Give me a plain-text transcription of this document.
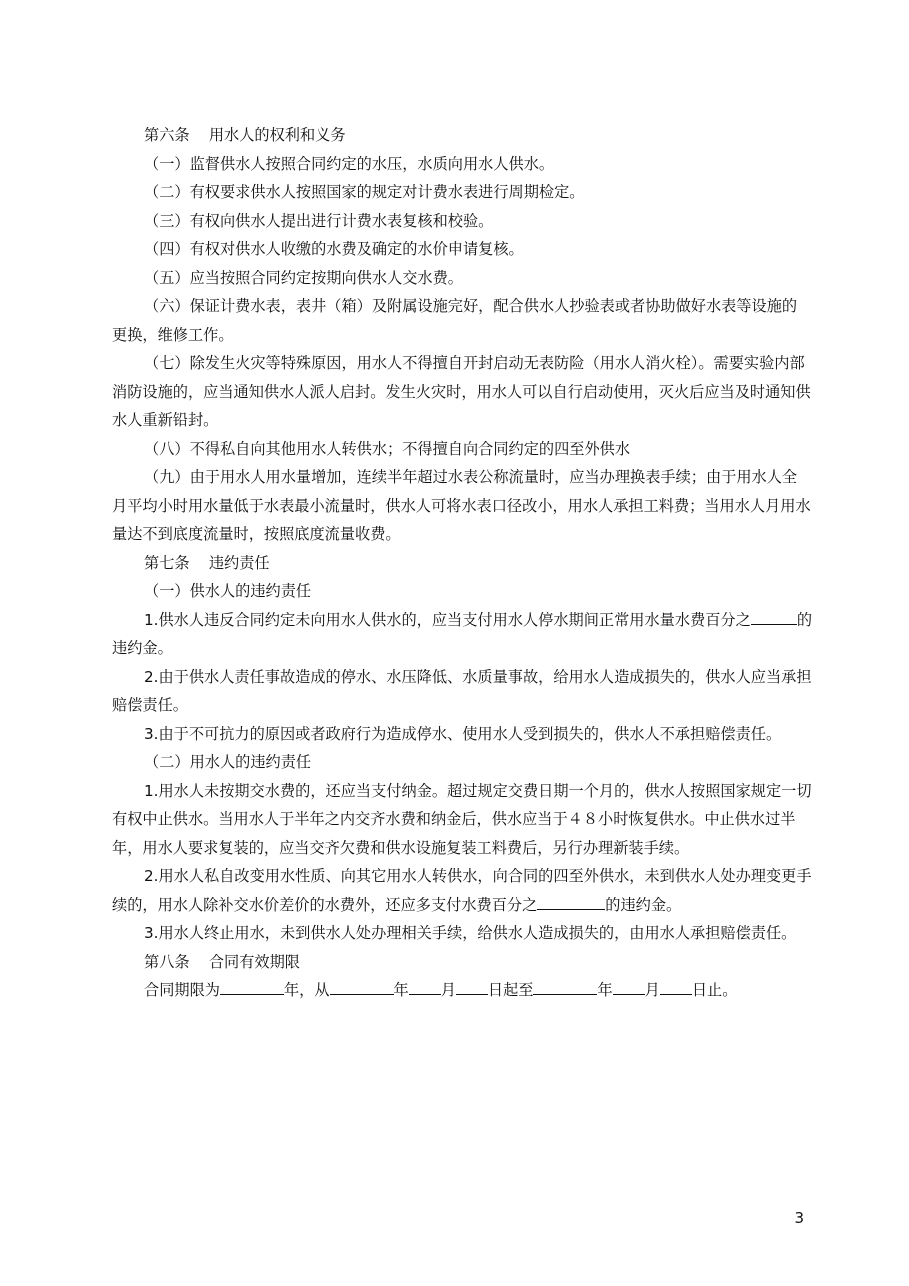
第六条    用水人的权利和义务

（一）监督供水人按照合同约定的水压，水质向用水人供水。

（二）有权要求供水人按照国家的规定对计费水表进行周期检定。

（三）有权向供水人提出进行计费水表复核和校验。

（四）有权对供水人收缴的水费及确定的水价申请复核。

（五）应当按照合同约定按期向供水人交水费。

（六）保证计费水表，表井（箱）及附属设施完好，配合供水人抄验表或者协助做好水表等设施的更换，维修工作。

（七）除发生火灾等特殊原因，用水人不得擅自开封启动无表防险（用水人消火栓）。需要实验内部消防设施的，应当通知供水人派人启封。发生火灾时，用水人可以自行启动使用，灭火后应当及时通知供水人重新铅封。

（八）不得私自向其他用水人转供水；不得擅自向合同约定的四至外供水

（九）由于用水人用水量增加，连续半年超过水表公称流量时，应当办理换表手续；由于用水人全月平均小时用水量低于水表最小流量时，供水人可将水表口径改小，用水人承担工料费；当用水人月用水量达不到底度流量时，按照底度流量收费。

第七条    违约责任

（一）供水人的违约责任

1.供水人违反合同约定未向用水人供水的，应当支付用水人停水期间正常用水量水费百分之	的违约金。

2.由于供水人责任事故造成的停水、水压降低、水质量事故，给用水人造成损失的，供水人应当承担赔偿责任。

3.由于不可抗力的原因或者政府行为造成停水、使用水人受到损失的，供水人不承担赔偿责任。

（二）用水人的违约责任

1.用水人未按期交水费的，还应当支付纳金。超过规定交费日期一个月的，供水人按照国家规定一切有权中止供水。当用水人于半年之内交齐水费和纳金后，供水应当于４８小时恢复供水。中止供水过半年，用水人要求复装的，应当交齐欠费和供水设施复装工料费后，另行办理新装手续。

2.用水人私自改变用水性质、向其它用水人转供水，向合同的四至外供水，未到供水人处办理变更手续的，用水人除补交水价差价的水费外，还应多支付水费百分之	的违约金。

3.用水人终止用水，未到供水人处办理相关手续，给供水人造成损失的，由用水人承担赔偿责任。

第八条    合同有效期限

合同期限为	年，从	年 月 日起至	年 月 日止。

3
